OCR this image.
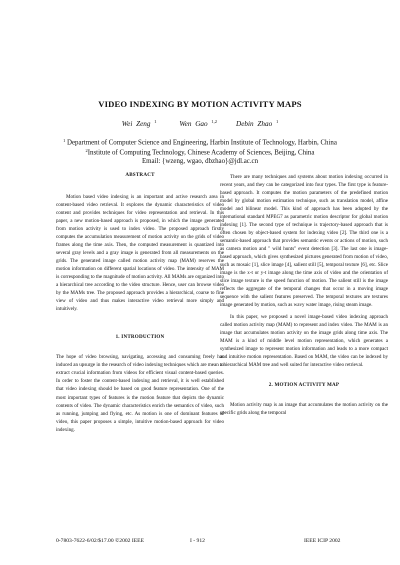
VIDEO INDEXING BY MOTION ACTIVITY MAPS
Wei Zeng $^1$	Wen Gao $^{1,2}$	Debin Zhao $^1$
$^1$ Department of Computer Science and Engineering, Harbin Institute of Technology, Harbin, China
$^2$Institute of Computing Technology, Chinese Academy of Sciences, Beijing, China
Email: {wzeng, wgao, dbzhao}@jdl.ac.cn
ABSTRACT

Motion based video indexing is an important and active research area in content-based video retrieval. It explores the dynamic characteristics of video content and provides techniques for video representation and retrieval. In this paper, a new motion-based approach is proposed, in which the image generated from motion activity is used to index video. The proposed approach firstly computes the accumulation measurement of motion activity on the grids of video frames along the time axis. Then, the computed measurement is quantized into several gray levels and a gray image is generated from all measurements on the grids. The generated image called motion activity map (MAM) reserves the motion information on different spatial locations of video. The intensity of MAM is corresponding to the magnitude of motion activity. All MAMs are organized into a hierarchical tree according to the video structure. Hence, user can browse video by the MAMs tree. The proposed approach provides a hierarchical, coarse to fine view of video and thus makes interactive video retrieval more simply and intuitively.

1. INTRODUCTION

The hope of video browsing, navigating, accessing and consuming freely has induced an upsurge in the research of video indexing techniques which are mean to extract crucial information from videos for efficient visual content-based queries. In order to foster the content-based indexing and retrieval, it is well established that video indexing should be based on good feature representation. One of the most important types of features is the motion feature that depicts the dynamic contents of video. The dynamic characteristics enrich the semantics of video, such as running, jumping and flying, etc. As motion is one of dominant features of video, this paper proposes a simple, intuitive motion-based approach for video indexing.

There are many techniques and systems about motion indexing occurred in recent years, and they can be categorized into four types. The first type is feature-based approach. It computes the motion parameters of the predefined motion model by global motion estimation technique, such as translation model, affine model and bilinear model. This kind of approach has been adopted by the international standard MPEG7 as parametric motion descriptor for global motion indexing [1]. The second type of technique is trajectory-based approach that is often chosen by object-based system for indexing video [2]. The third one is a semantic-based approach that provides semantic events or actions of motion, such as camera motion and " wild hunts" event detection [3]. The last one is image-based approach, which gives synthesized pictures generated from motion of video, such as mosaic [1], slice image [4], salient still [5], temporal texture [6], etc. Slice image is the x-t or y-t image along the time axis of video and the orientation of slice image texture is the speed function of motion. The salient still is the image reflects the aggregate of the temporal changes that occur in a moving image sequence with the salient features preserved. The temporal textures are textures image generated by motion, such as wavy water image, rising steam image.

In this paper, we proposed a novel image-based video indexing approach called motion activity map (MAM) to represent and index video. The MAM is an image that accumulates motion activity on the image grids along time axis. The MAM is a kind of middle level motion representation, which generates a synthesized image to represent motion information and leads to a more compact and intuitive motion representation. Based on MAM, the video can be indexed by a hierarchical MAM tree and well suited for interactive video retrieval.

2. MOTION ACTIVITY MAP

Motion activity map is an image that accumulates the motion activity on the specific grids along the temporal

0-7803-7622-6/02/$17.00 ©2002 IEEE	I - 912	IEEE ICIP 2002
